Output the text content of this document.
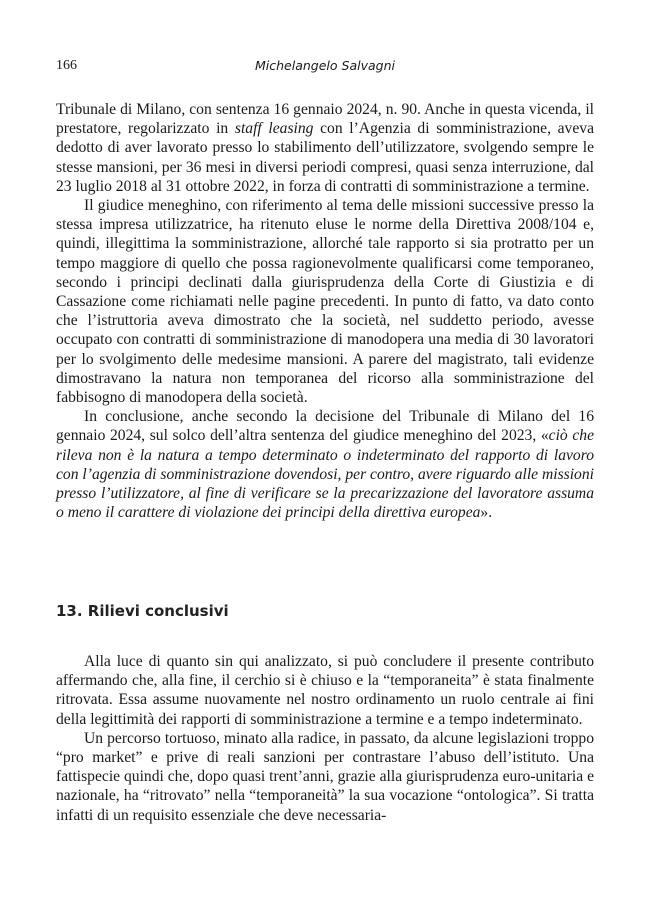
166	Michelangelo Salvagni

Tribunale di Milano, con sentenza 16 gennaio 2024, n. 90. Anche in questa vicenda, il prestatore, regolarizzato in staff leasing con l’Agenzia di somministrazione, aveva dedotto di aver lavorato presso lo stabilimento dell’utilizzatore, svolgendo sempre le stesse mansioni, per 36 mesi in diversi periodi compresi, quasi senza interruzione, dal 23 luglio 2018 al 31 ottobre 2022, in forza di contratti di somministrazione a termine.

Il giudice meneghino, con riferimento al tema delle missioni successive presso la stessa impresa utilizzatrice, ha ritenuto eluse le norme della Direttiva 2008/104 e, quindi, illegittima la somministrazione, allorché tale rapporto si sia protratto per un tempo maggiore di quello che possa ragionevolmente qualificarsi come temporaneo, secondo i principi declinati dalla giurisprudenza della Corte di Giustizia e di Cassazione come richiamati nelle pagine precedenti. In punto di fatto, va dato conto che l’istruttoria aveva dimostrato che la società, nel suddetto periodo, avesse occupato con contratti di somministrazione di manodopera una media di 30 lavoratori per lo svolgimento delle medesime mansioni. A parere del magistrato, tali evidenze dimostravano la natura non temporanea del ricorso alla somministrazione del fabbisogno di manodopera della società.

In conclusione, anche secondo la decisione del Tribunale di Milano del 16 gennaio 2024, sul solco dell’altra sentenza del giudice meneghino del 2023, «ciò che rileva non è la natura a tempo determinato o indeterminato del rapporto di lavoro con l’agenzia di somministrazione dovendosi, per contro, avere riguardo alle missioni presso l’utilizzatore, al fine di verificare se la precarizzazione del lavoratore assuma o meno il carattere di violazione dei principi della direttiva europea».

13. Rilievi conclusivi

Alla luce di quanto sin qui analizzato, si può concludere il presente contributo affermando che, alla fine, il cerchio si è chiuso e la “temporaneita” è stata finalmente ritrovata. Essa assume nuovamente nel nostro ordinamento un ruolo centrale ai fini della legittimità dei rapporti di somministrazione a termine e a tempo indeterminato.

Un percorso tortuoso, minato alla radice, in passato, da alcune legislazioni troppo “pro market” e prive di reali sanzioni per contrastare l’abuso dell’istituto. Una fattispecie quindi che, dopo quasi trent’anni, grazie alla giurisprudenza euro-unitaria e nazionale, ha “ritrovato” nella “temporaneità” la sua vocazione “ontologica”. Si tratta infatti di un requisito essenziale che deve necessaria-
